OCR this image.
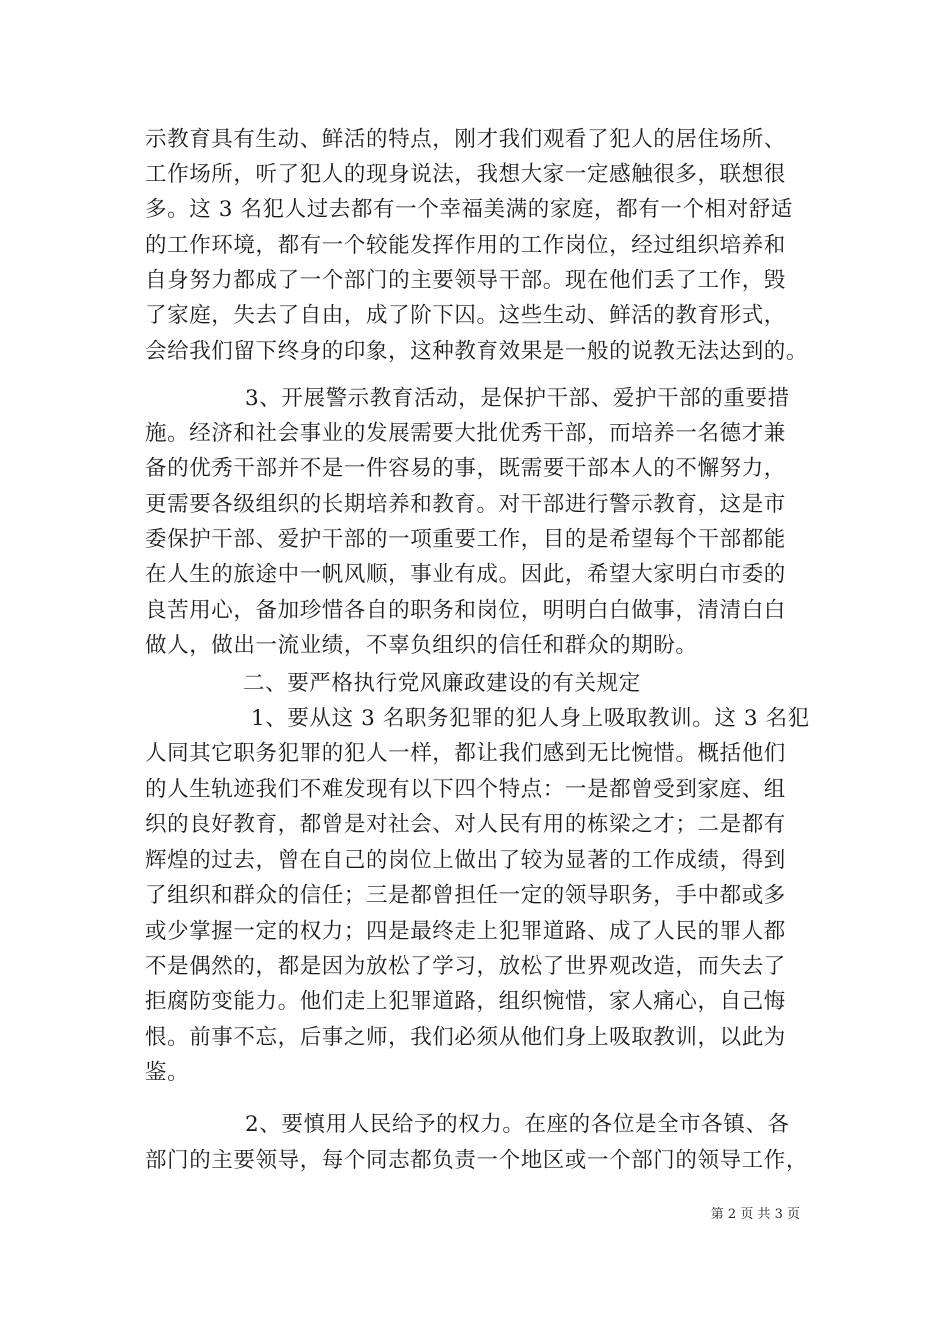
示教育具有生动、鲜活的特点，刚才我们观看了犯人的居住场所、
工作场所，听了犯人的现身说法，我想大家一定感触很多，联想很
多。这 3 名犯人过去都有一个幸福美满的家庭，都有一个相对舒适
的工作环境，都有一个较能发挥作用的工作岗位，经过组织培养和
自身努力都成了一个部门的主要领导干部。现在他们丢了工作，毁
了家庭，失去了自由，成了阶下囚。这些生动、鲜活的教育形式，
会给我们留下终身的印象，这种教育效果是一般的说教无法达到的。
3、开展警示教育活动，是保护干部、爱护干部的重要措
施。经济和社会事业的发展需要大批优秀干部，而培养一名德才兼
备的优秀干部并不是一件容易的事，既需要干部本人的不懈努力，
更需要各级组织的长期培养和教育。对干部进行警示教育，这是市
委保护干部、爱护干部的一项重要工作，目的是希望每个干部都能
在人生的旅途中一帆风顺，事业有成。因此，希望大家明白市委的
良苦用心，备加珍惜各自的职务和岗位，明明白白做事，清清白白
做人，做出一流业绩，不辜负组织的信任和群众的期盼。
二、要严格执行党风廉政建设的有关规定
1、要从这 3 名职务犯罪的犯人身上吸取教训。这 3 名犯
人同其它职务犯罪的犯人一样，都让我们感到无比惋惜。概括他们
的人生轨迹我们不难发现有以下四个特点：一是都曾受到家庭、组
织的良好教育，都曾是对社会、对人民有用的栋梁之才；二是都有
辉煌的过去，曾在自己的岗位上做出了较为显著的工作成绩，得到
了组织和群众的信任；三是都曾担任一定的领导职务，手中都或多
或少掌握一定的权力；四是最终走上犯罪道路、成了人民的罪人都
不是偶然的，都是因为放松了学习，放松了世界观改造，而失去了
拒腐防变能力。他们走上犯罪道路，组织惋惜，家人痛心，自己悔
恨。前事不忘，后事之师，我们必须从他们身上吸取教训，以此为
鉴。
2、要慎用人民给予的权力。在座的各位是全市各镇、各
部门的主要领导，每个同志都负责一个地区或一个部门的领导工作，
第 2 页 共 3 页
